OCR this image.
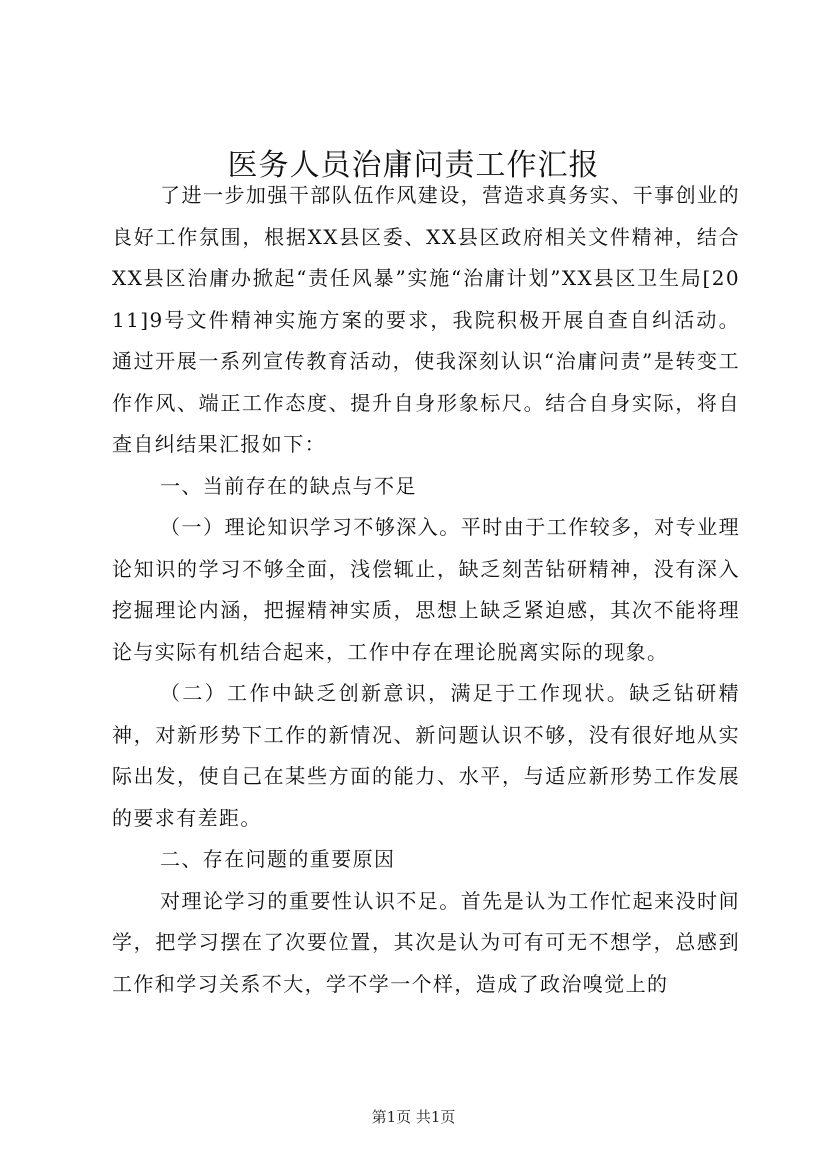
医务人员治庸问责工作汇报

了进一步加强干部队伍作风建设，营造求真务实、干事创业的良好工作氛围，根据XX县区委、XX县区政府相关文件精神，结合XX县区治庸办掀起“责任风暴”实施“治庸计划”XX县区卫生局[2011]9号文件精神实施方案的要求，我院积极开展自查自纠活动。通过开展一系列宣传教育活动，使我深刻认识“治庸问责”是转变工作作风、端正工作态度、提升自身形象标尺。结合自身实际，将自查自纠结果汇报如下：

一、当前存在的缺点与不足

（一）理论知识学习不够深入。平时由于工作较多，对专业理论知识的学习不够全面，浅偿辄止，缺乏刻苦钻研精神，没有深入挖掘理论内涵，把握精神实质，思想上缺乏紧迫感，其次不能将理论与实际有机结合起来，工作中存在理论脱离实际的现象。

（二）工作中缺乏创新意识，满足于工作现状。缺乏钻研精神，对新形势下工作的新情况、新问题认识不够，没有很好地从实际出发，使自己在某些方面的能力、水平，与适应新形势工作发展的要求有差距。

二、存在问题的重要原因

对理论学习的重要性认识不足。首先是认为工作忙起来没时间学，把学习摆在了次要位置，其次是认为可有可无不想学，总感到工作和学习关系不大，学不学一个样，造成了政治嗅觉上的

第1页 共1页
